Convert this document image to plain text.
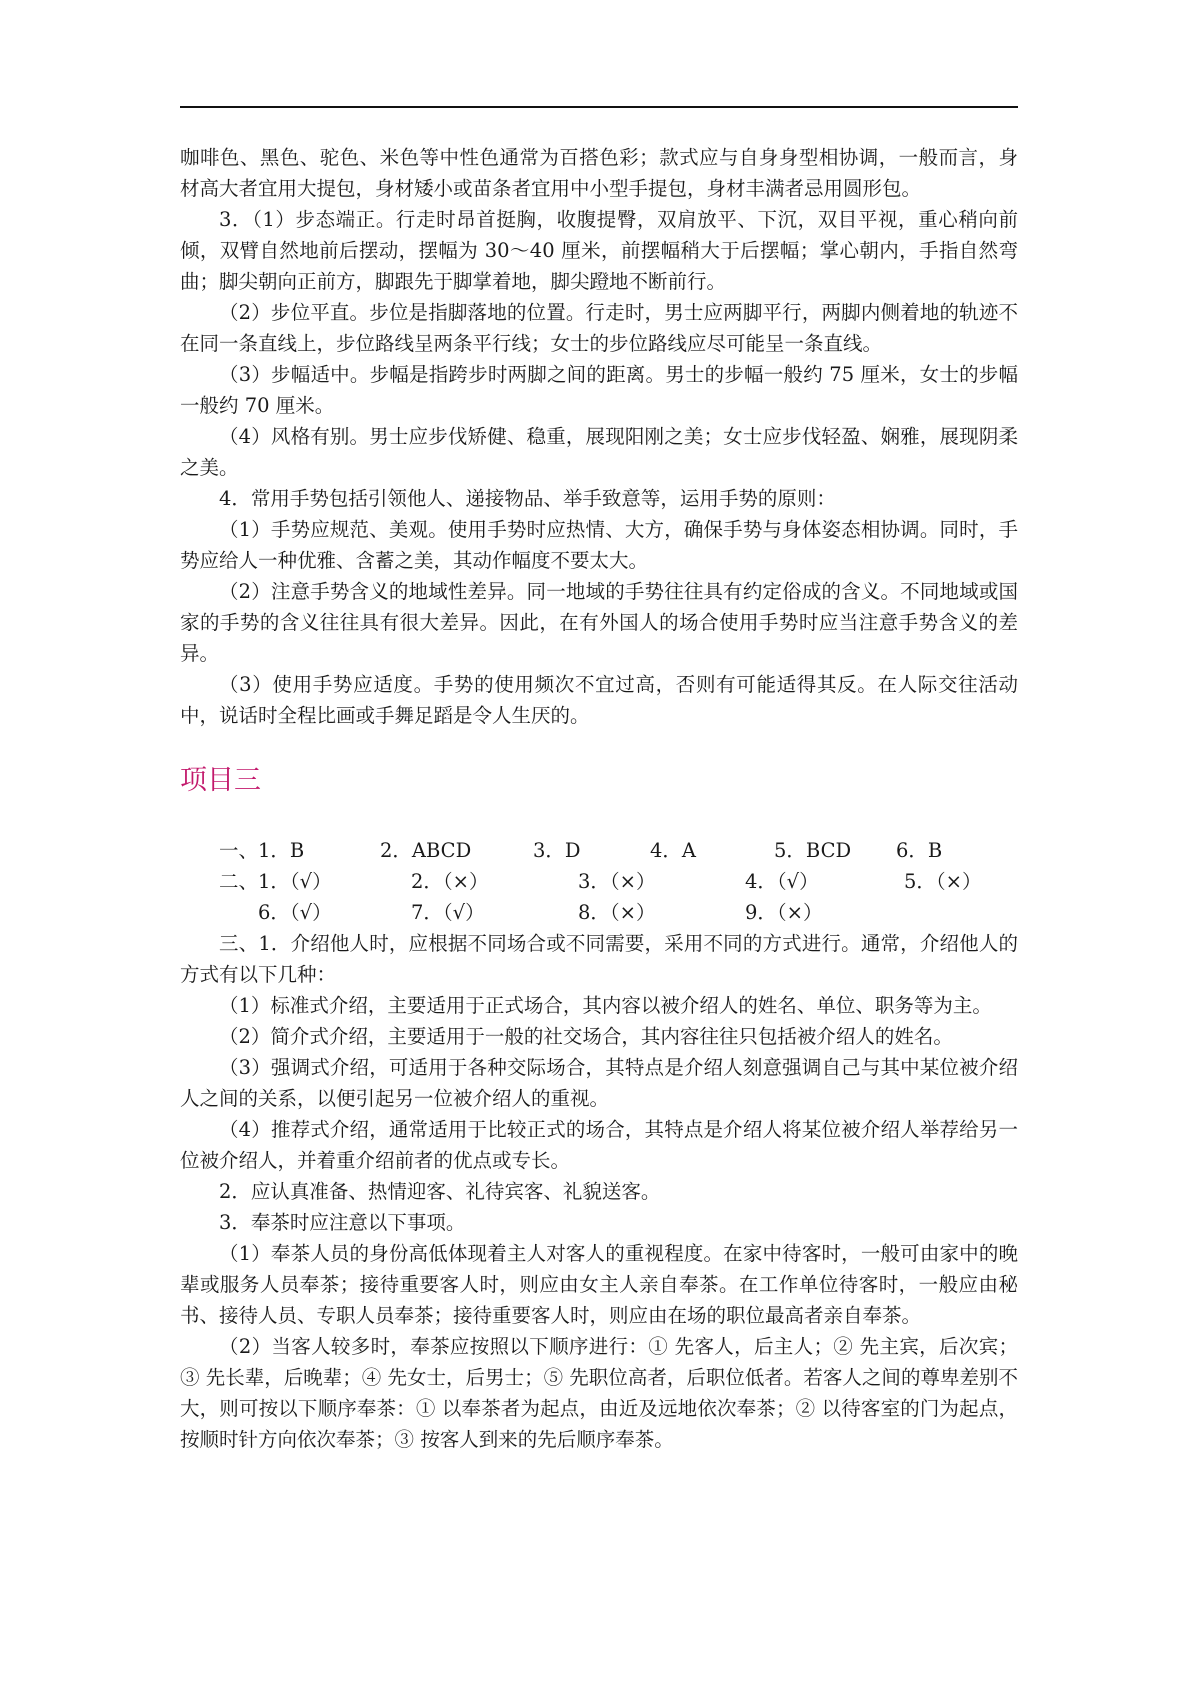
咖啡色、黑色、驼色、米色等中性色通常为百搭色彩；款式应与自身身型相协调，一般而言，身材高大者宜用大提包，身材矮小或苗条者宜用中小型手提包，身材丰满者忌用圆形包。

3．（1）步态端正。行走时昂首挺胸，收腹提臀，双肩放平、下沉，双目平视，重心稍向前倾，双臂自然地前后摆动，摆幅为 30～40 厘米，前摆幅稍大于后摆幅；掌心朝内，手指自然弯曲；脚尖朝向正前方，脚跟先于脚掌着地，脚尖蹬地不断前行。

（2）步位平直。步位是指脚落地的位置。行走时，男士应两脚平行，两脚内侧着地的轨迹不在同一条直线上，步位路线呈两条平行线；女士的步位路线应尽可能呈一条直线。

（3）步幅适中。步幅是指跨步时两脚之间的距离。男士的步幅一般约 75 厘米，女士的步幅一般约 70 厘米。

（4）风格有别。男士应步伐矫健、稳重，展现阳刚之美；女士应步伐轻盈、娴雅，展现阴柔之美。

4．常用手势包括引领他人、递接物品、举手致意等，运用手势的原则：

（1）手势应规范、美观。使用手势时应热情、大方，确保手势与身体姿态相协调。同时，手势应给人一种优雅、含蓄之美，其动作幅度不要太大。

（2）注意手势含义的地域性差异。同一地域的手势往往具有约定俗成的含义。不同地域或国家的手势的含义往往具有很大差异。因此，在有外国人的场合使用手势时应当注意手势含义的差异。

（3）使用手势应适度。手势的使用频次不宜过高，否则有可能适得其反。在人际交往活动中，说话时全程比画或手舞足蹈是令人生厌的。

项目三
一、1．B	2．ABCD	3．D	4．A	5．BCD 6．B
二、1．（√）	2．（×）	3．（×）	4．（√）	5．（×）
6．（√）	7．（√）	8．（×）	9．（×）

三、1．介绍他人时，应根据不同场合或不同需要，采用不同的方式进行。通常，介绍他人的方式有以下几种：

（1）标准式介绍，主要适用于正式场合，其内容以被介绍人的姓名、单位、职务等为主。

（2）简介式介绍，主要适用于一般的社交场合，其内容往往只包括被介绍人的姓名。

（3）强调式介绍，可适用于各种交际场合，其特点是介绍人刻意强调自己与其中某位被介绍人之间的关系，以便引起另一位被介绍人的重视。

（4）推荐式介绍，通常适用于比较正式的场合，其特点是介绍人将某位被介绍人举荐给另一位被介绍人，并着重介绍前者的优点或专长。

2．应认真准备、热情迎客、礼待宾客、礼貌送客。

3．奉茶时应注意以下事项。

（1）奉茶人员的身份高低体现着主人对客人的重视程度。在家中待客时，一般可由家中的晚辈或服务人员奉茶；接待重要客人时，则应由女主人亲自奉茶。在工作单位待客时，一般应由秘书、接待人员、专职人员奉茶；接待重要客人时，则应由在场的职位最高者亲自奉茶。

（2）当客人较多时，奉茶应按照以下顺序进行：① 先客人，后主人；② 先主宾，后次宾；③ 先长辈，后晚辈；④ 先女士，后男士；⑤ 先职位高者，后职位低者。若客人之间的尊卑差别不大，则可按以下顺序奉茶：① 以奉茶者为起点，由近及远地依次奉茶；② 以待客室的门为起点，按顺时针方向依次奉茶；③ 按客人到来的先后顺序奉茶。
